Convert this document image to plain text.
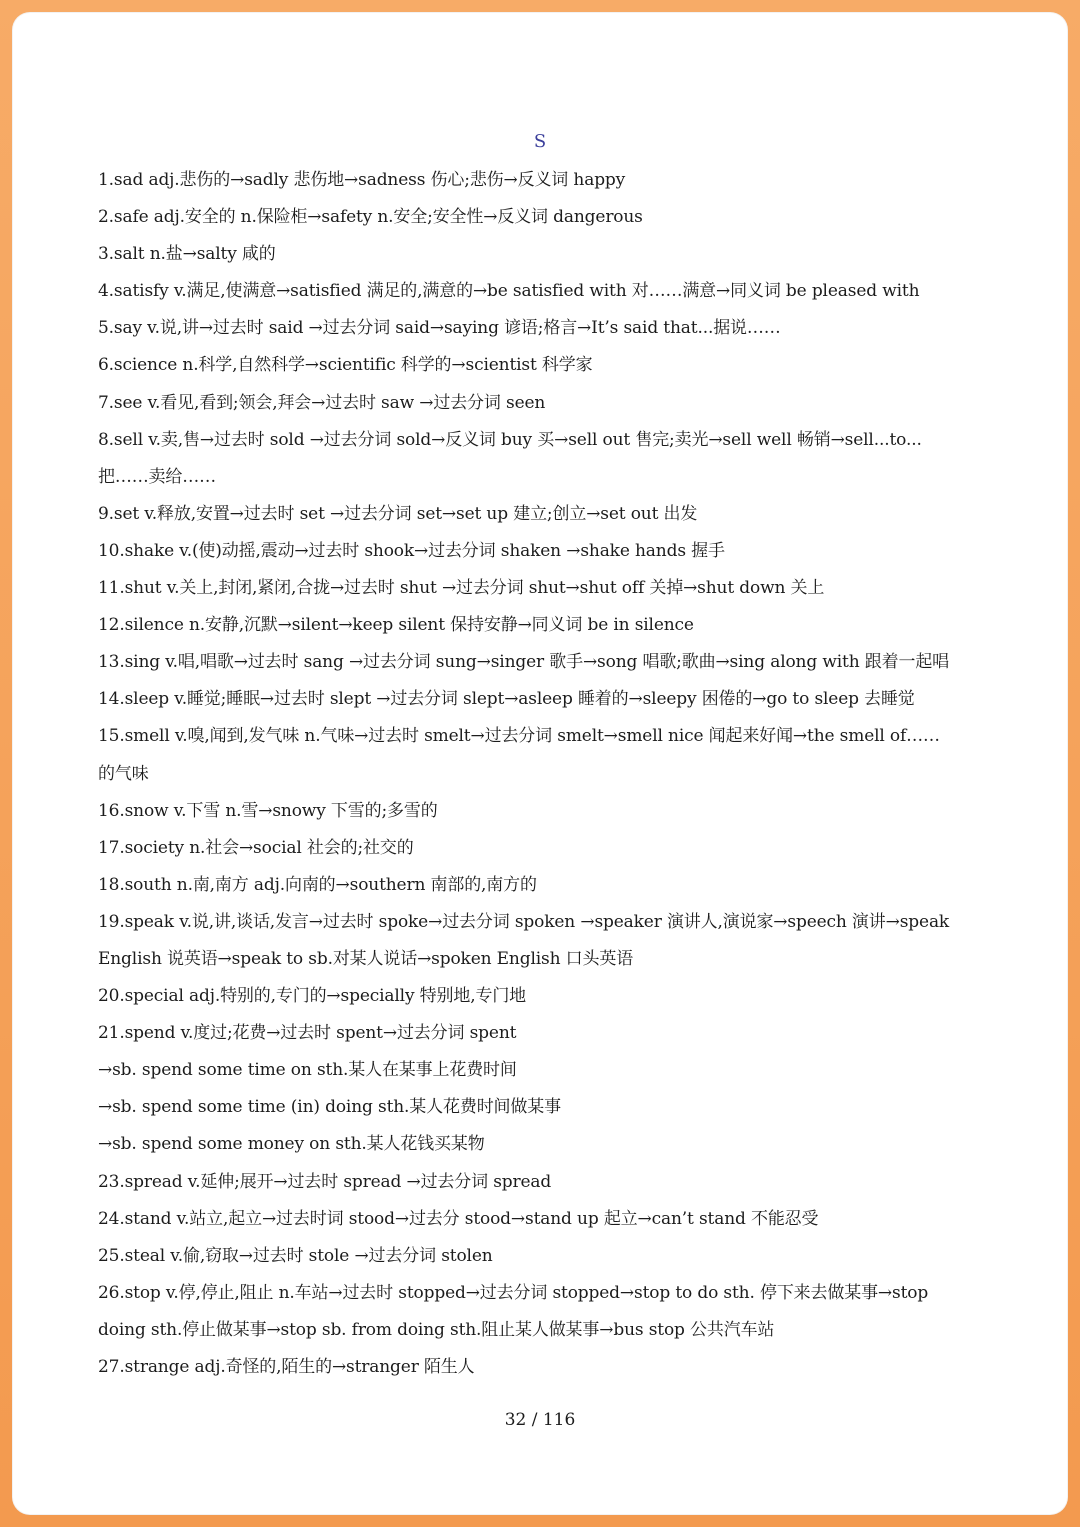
S
1.sad adj.悲伤的→sadly 悲伤地→sadness 伤心;悲伤→反义词 happy
2.safe adj.安全的 n.保险柜→safety n.安全;安全性→反义词 dangerous
3.salt n.盐→salty 咸的
4.satisfy v.满足,使满意→satisfied 满足的,满意的→be satisfied with 对……满意→同义词 be pleased with
5.say v.说,讲→过去时 said →过去分词 said→saying 谚语;格言→It’s said that...据说……
6.science n.科学,自然科学→scientific 科学的→scientist 科学家
7.see v.看见,看到;领会,拜会→过去时 saw →过去分词 seen
8.sell v.卖,售→过去时 sold →过去分词 sold→反义词 buy 买→sell out 售完;卖光→sell well 畅销→sell...to...
把……卖给……
9.set v.释放,安置→过去时 set →过去分词 set→set up 建立;创立→set out 出发
10.shake v.(使)动摇,震动→过去时 shook→过去分词 shaken →shake hands 握手
11.shut v.关上,封闭,紧闭,合拢→过去时 shut →过去分词 shut→shut off 关掉→shut down 关上
12.silence n.安静,沉默→silent→keep silent 保持安静→同义词 be in silence
13.sing v.唱,唱歌→过去时 sang →过去分词 sung→singer 歌手→song 唱歌;歌曲→sing along with 跟着一起唱
14.sleep v.睡觉;睡眠→过去时 slept →过去分词 slept→asleep 睡着的→sleepy 困倦的→go to sleep 去睡觉
15.smell v.嗅,闻到,发气味 n.气味→过去时 smelt→过去分词 smelt→smell nice 闻起来好闻→the smell of……
的气味
16.snow v.下雪 n.雪→snowy 下雪的;多雪的
17.society n.社会→social 社会的;社交的
18.south n.南,南方 adj.向南的→southern 南部的,南方的
19.speak v.说,讲,谈话,发言→过去时 spoke→过去分词 spoken →speaker 演讲人,演说家→speech 演讲→speak
English 说英语→speak to sb.对某人说话→spoken English 口头英语
20.special adj.特别的,专门的→specially 特别地,专门地
21.spend v.度过;花费→过去时 spent→过去分词 spent
→sb. spend some time on sth.某人在某事上花费时间
→sb. spend some time (in) doing sth.某人花费时间做某事
→sb. spend some money on sth.某人花钱买某物
23.spread v.延伸;展开→过去时 spread →过去分词 spread
24.stand v.站立,起立→过去时词 stood→过去分 stood→stand up 起立→can’t stand 不能忍受
25.steal v.偷,窃取→过去时 stole →过去分词 stolen
26.stop v.停,停止,阻止 n.车站→过去时 stopped→过去分词 stopped→stop to do sth. 停下来去做某事→stop
doing sth.停止做某事→stop sb. from doing sth.阻止某人做某事→bus stop 公共汽车站
27.strange adj.奇怪的,陌生的→stranger 陌生人
32 / 116
